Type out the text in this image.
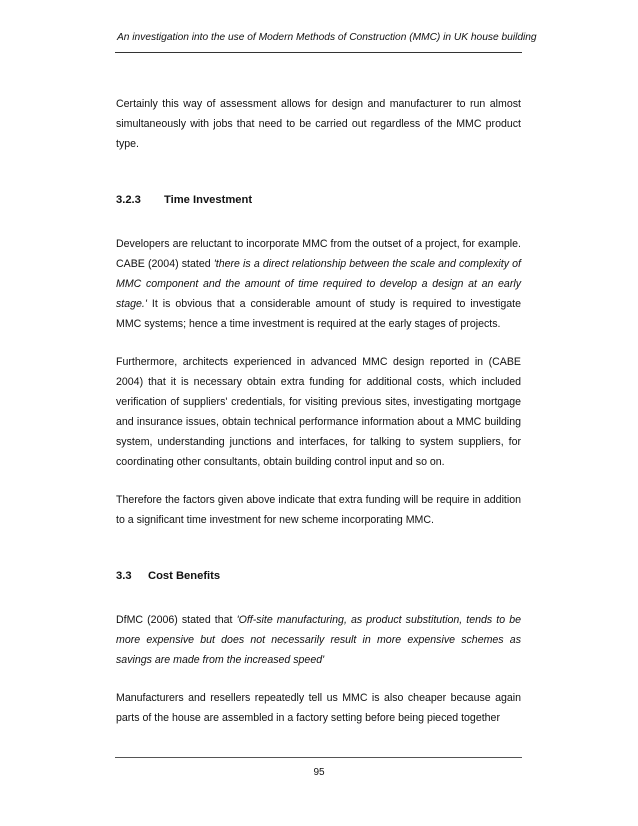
An investigation into the use of Modern Methods of Construction (MMC) in UK house building

Certainly this way of assessment allows for design and manufacturer to run almost simultaneously with jobs that need to be carried out regardless of the MMC product type.

3.2.3 Time Investment

Developers are reluctant to incorporate MMC from the outset of a project, for example. CABE (2004) stated 'there is a direct relationship between the scale and complexity of MMC component and the amount of time required to develop a design at an early stage.' It is obvious that a considerable amount of study is required to investigate MMC systems; hence a time investment is required at the early stages of projects.

Furthermore, architects experienced in advanced MMC design reported in (CABE 2004) that it is necessary obtain extra funding for additional costs, which included verification of suppliers' credentials, for visiting previous sites, investigating mortgage and insurance issues, obtain technical performance information about a MMC building system, understanding junctions and interfaces, for talking to system suppliers, for coordinating other consultants, obtain building control input and so on.

Therefore the factors given above indicate that extra funding will be require in addition to a significant time investment for new scheme incorporating MMC.

3.3 Cost Benefits

DfMC (2006) stated that 'Off-site manufacturing, as product substitution, tends to be more expensive but does not necessarily result in more expensive schemes as savings are made from the increased speed'

Manufacturers and resellers repeatedly tell us MMC is also cheaper because again parts of the house are assembled in a factory setting before being pieced together

95
